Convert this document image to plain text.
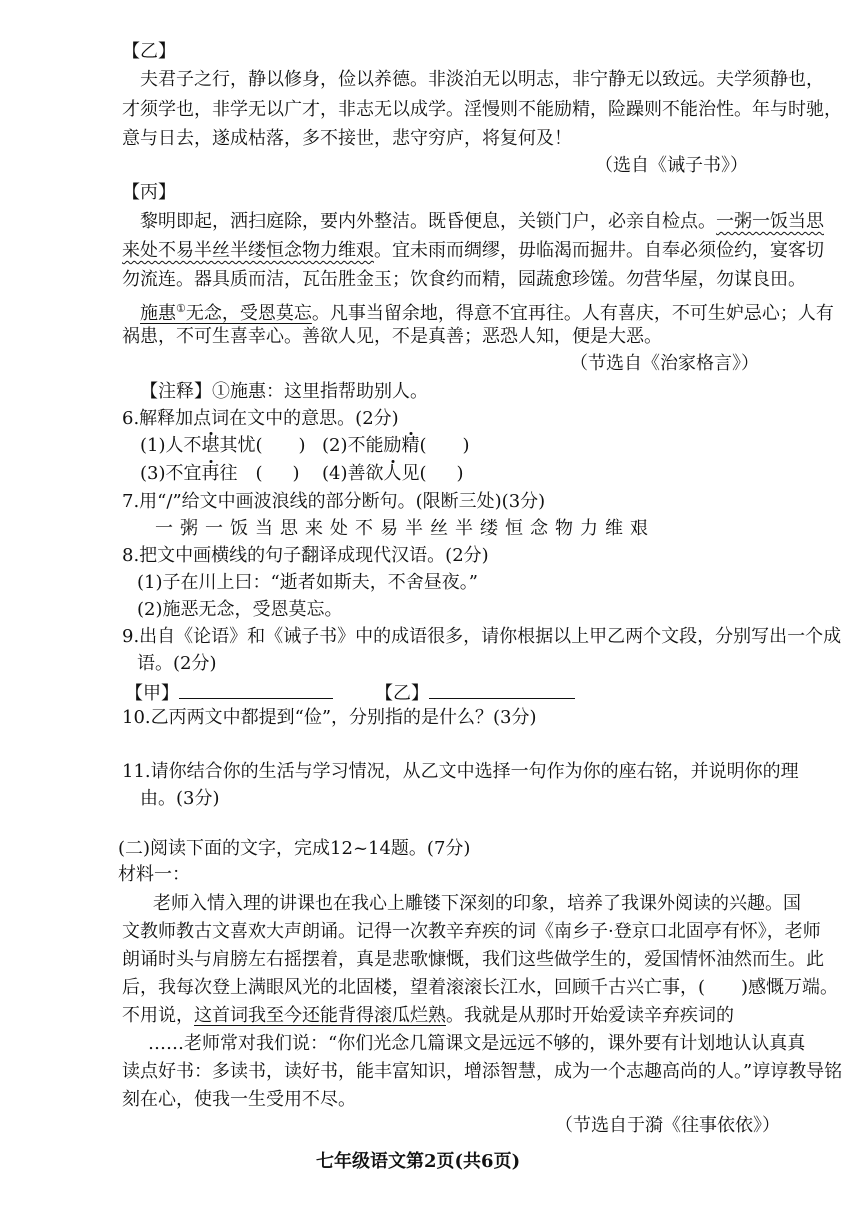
【乙】
夫君子之行，静以修身，俭以养德。非淡泊无以明志，非宁静无以致远。夫学须静也，
才须学也，非学无以广才，非志无以成学。淫慢则不能励精，险躁则不能治性。年与时驰，
意与日去，遂成枯落，多不接世，悲守穷庐，将复何及！
（选自《诫子书》）
【丙】
黎明即起，洒扫庭除，要内外整洁。既昏便息，关锁门户，必亲自检点。一粥一饭当思
来处不易半丝半缕恒念物力维艰。宜未雨而绸缪，毋临渴而掘井。自奉必须俭约，宴客切
勿流连。器具质而洁，瓦缶胜金玉；饮食约而精，园蔬愈珍馐。勿营华屋，勿谋良田。
施惠①无念，受恩莫忘。凡事当留余地，得意不宜再往。人有喜庆，不可生妒忌心；人有
祸患，不可生喜幸心。善欲人见，不是真善；恶恐人知，便是大恶。
（节选自《治家格言》）
【注释】①施惠：这里指帮助别人。
6.解释加点词在文中的意思。(2分)
(1)人不堪其忧( ) (2)不能励精( )
(3)不宜再往　( ) (4)善欲人见( )
7.用“/”给文中画波浪线的部分断句。(限断三处)(3分)
一粥一饭当思来处不易半丝半缕恒念物力维艰
8.把文中画横线的句子翻译成现代汉语。(2分)
(1)子在川上曰：“逝者如斯夫，不舍昼夜。”
(2)施恶无念，受恩莫忘。
9.出自《论语》和《诫子书》中的成语很多，请你根据以上甲乙两个文段，分别写出一个成
语。(2分)
【甲】	【乙】
10.乙丙两文中都提到“俭”，分别指的是什么？(3分)
11.请你结合你的生活与学习情况，从乙文中选择一句作为你的座右铭，并说明你的理
由。(3分)
(二)阅读下面的文字，完成12~14题。(7分)
材料一：
老师入情入理的讲课也在我心上雕镂下深刻的印象，培养了我课外阅读的兴趣。国
文教师教古文喜欢大声朗诵。记得一次教辛弃疾的词《南乡子·登京口北固亭有怀》，老师
朗诵时头与肩膀左右摇摆着，真是悲歌慷慨，我们这些做学生的，爱国情怀油然而生。此
后，我每次登上满眼风光的北固楼，望着滚滚长江水，回顾千古兴亡事，(　　)感慨万端。
不用说，这首词我至今还能背得滚瓜烂熟。我就是从那时开始爱读辛弃疾词的
……老师常对我们说：“你们光念几篇课文是远远不够的，课外要有计划地认认真真
读点好书：多读书，读好书，能丰富知识，增添智慧，成为一个志趣高尚的人。”谆谆教导铭
刻在心，使我一生受用不尽。
（节选自于漪《往事依依》）
七年级语文第2页(共6页)
